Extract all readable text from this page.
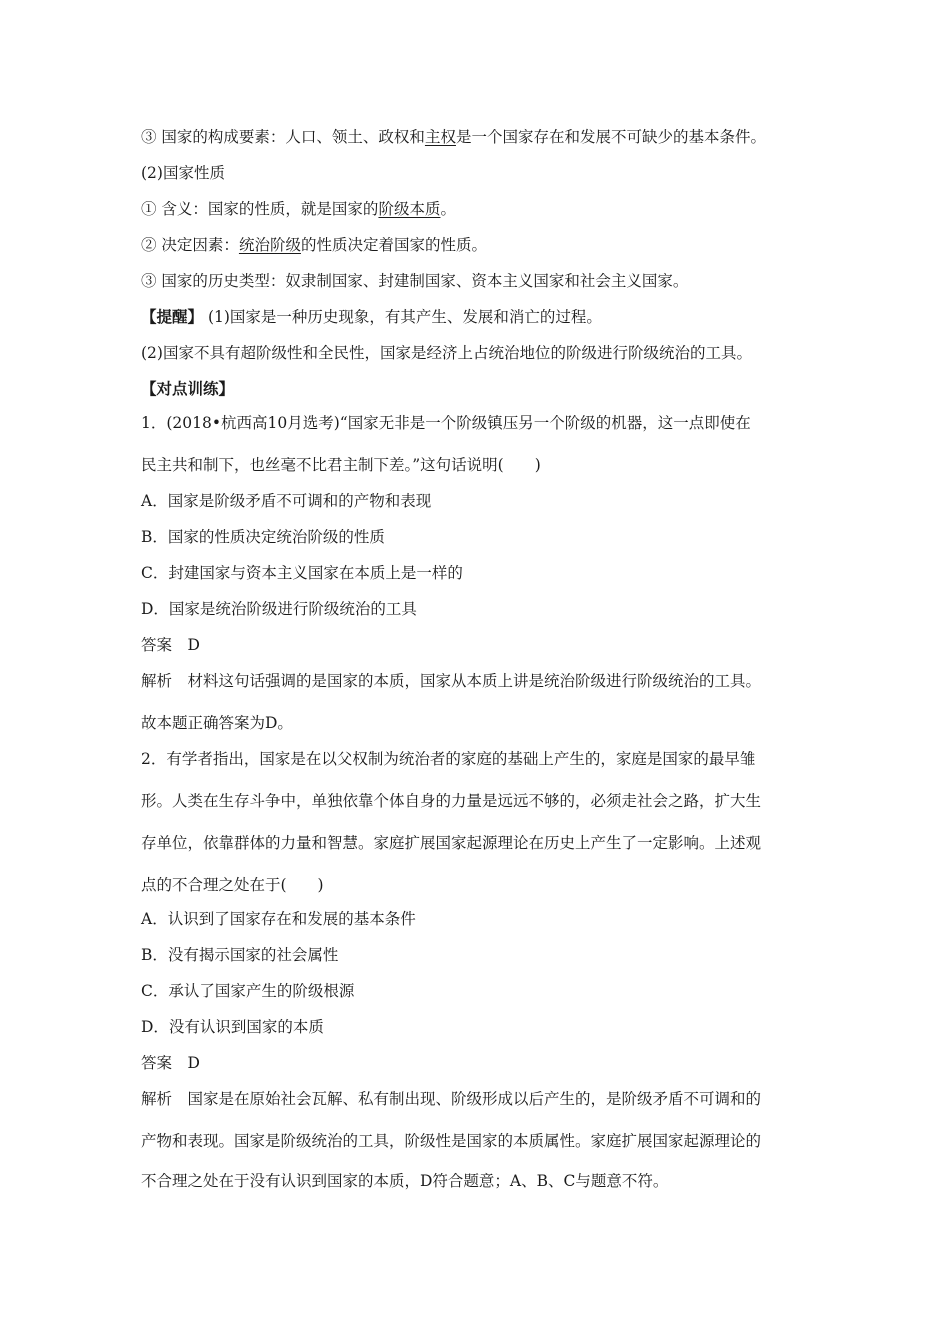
③ 国家的构成要素：人口、领土、政权和主权是一个国家存在和发展不可缺少的基本条件。
(2)国家性质
① 含义：国家的性质，就是国家的阶级本质。
② 决定因素：统治阶级的性质决定着国家的性质。
③ 国家的历史类型：奴隶制国家、封建制国家、资本主义国家和社会主义国家。
【提醒】 (1)国家是一种历史现象，有其产生、发展和消亡的过程。
(2)国家不具有超阶级性和全民性，国家是经济上占统治地位的阶级进行阶级统治的工具。
【对点训练】
1．(2018•杭西高10月选考)“国家无非是一个阶级镇压另一个阶级的机器，这一点即使在
民主共和制下，也丝毫不比君主制下差。”这句话说明(　　)
A．国家是阶级矛盾不可调和的产物和表现
B．国家的性质决定统治阶级的性质
C．封建国家与资本主义国家在本质上是一样的
D．国家是统治阶级进行阶级统治的工具
答案　D
解析　材料这句话强调的是国家的本质，国家从本质上讲是统治阶级进行阶级统治的工具。
故本题正确答案为D。
2．有学者指出，国家是在以父权制为统治者的家庭的基础上产生的，家庭是国家的最早雏
形。人类在生存斗争中，单独依靠个体自身的力量是远远不够的，必须走社会之路，扩大生
存单位，依靠群体的力量和智慧。家庭扩展国家起源理论在历史上产生了一定影响。上述观
点的不合理之处在于(　　)
A．认识到了国家存在和发展的基本条件
B．没有揭示国家的社会属性
C．承认了国家产生的阶级根源
D．没有认识到国家的本质
答案　D
解析　国家是在原始社会瓦解、私有制出现、阶级形成以后产生的，是阶级矛盾不可调和的
产物和表现。国家是阶级统治的工具，阶级性是国家的本质属性。家庭扩展国家起源理论的
不合理之处在于没有认识到国家的本质，D符合题意；A、B、C与题意不符。
